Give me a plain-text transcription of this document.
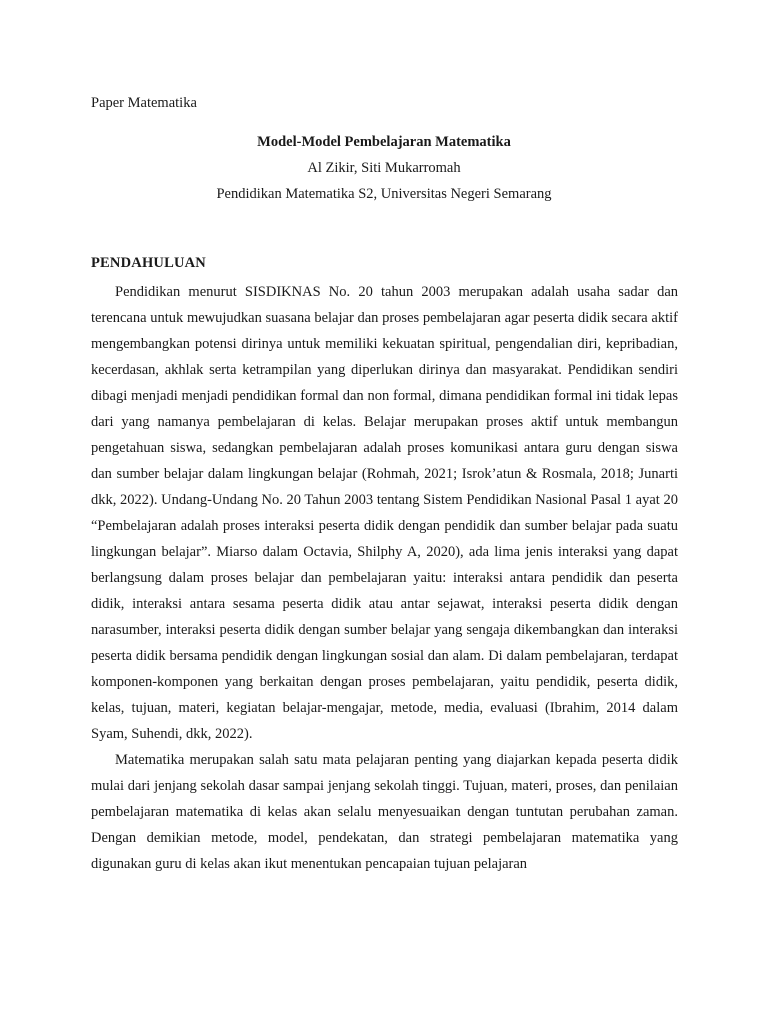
Paper Matematika
Model-Model Pembelajaran Matematika
Al Zikir, Siti Mukarromah
Pendidikan Matematika S2, Universitas Negeri Semarang
PENDAHULUAN

Pendidikan menurut SISDIKNAS No. 20 tahun 2003 merupakan adalah usaha sadar dan terencana untuk mewujudkan suasana belajar dan proses pembelajaran agar peserta didik secara aktif mengembangkan potensi dirinya untuk memiliki kekuatan spiritual, pengendalian diri, kepribadian, kecerdasan, akhlak serta ketrampilan yang diperlukan dirinya dan masyarakat. Pendidikan sendiri dibagi menjadi menjadi pendidikan formal dan non formal, dimana pendidikan formal ini tidak lepas dari yang namanya pembelajaran di kelas. Belajar merupakan proses aktif untuk membangun pengetahuan siswa, sedangkan pembelajaran adalah proses komunikasi antara guru dengan siswa dan sumber belajar dalam lingkungan belajar (Rohmah, 2021; Isrok’atun & Rosmala, 2018; Junarti dkk, 2022). Undang-Undang No. 20 Tahun 2003 tentang Sistem Pendidikan Nasional Pasal 1 ayat 20 “Pembelajaran adalah proses interaksi peserta didik dengan pendidik dan sumber belajar pada suatu lingkungan belajar”. Miarso dalam Octavia, Shilphy A, 2020), ada lima jenis interaksi yang dapat berlangsung dalam proses belajar dan pembelajaran yaitu: interaksi antara pendidik dan peserta didik, interaksi antara sesama peserta didik atau antar sejawat, interaksi peserta didik dengan narasumber, interaksi peserta didik dengan sumber belajar yang sengaja dikembangkan dan interaksi peserta didik bersama pendidik dengan lingkungan sosial dan alam. Di dalam pembelajaran, terdapat komponen-komponen yang berkaitan dengan proses pembelajaran, yaitu pendidik, peserta didik, kelas, tujuan, materi, kegiatan belajar-mengajar, metode, media, evaluasi (Ibrahim, 2014 dalam Syam, Suhendi, dkk, 2022).

Matematika merupakan salah satu mata pelajaran penting yang diajarkan kepada peserta didik mulai dari jenjang sekolah dasar sampai jenjang sekolah tinggi. Tujuan, materi, proses, dan penilaian pembelajaran matematika di kelas akan selalu menyesuaikan dengan tuntutan perubahan zaman. Dengan demikian metode, model, pendekatan, dan strategi pembelajaran matematika yang digunakan guru di kelas akan ikut menentukan pencapaian tujuan pelajaran
